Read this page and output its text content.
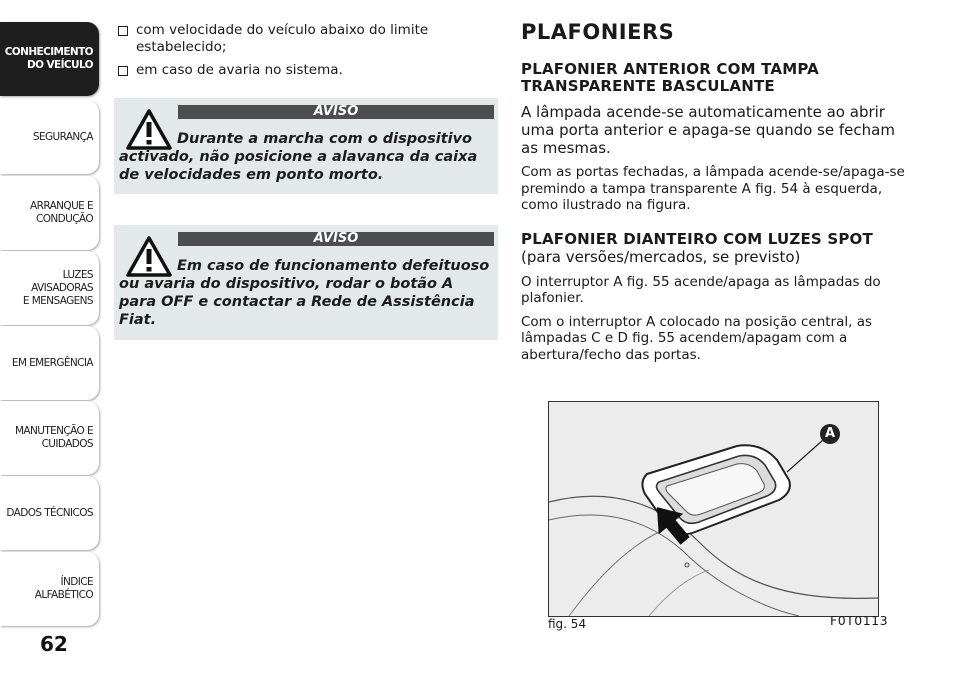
CONHECIMENTO
DO VEÍCULO
SEGURANÇA
ARRANQUE E
CONDUÇÃO
LUZES AVISADORAS
E MENSAGENS
EM EMERGÊNCIA
MANUTENÇÃO E
CUIDADOS
DADOS TÉCNICOS
ÍNDICE ALFABÉTICO
62
com velocidade do veículo abaixo do limite estabelecido;
em caso de avaria no sistema.
AVISO
Durante a marcha com o dispositivo activado, não posicione a alavanca da caixa de velocidades em ponto morto.
AVISO
Em caso de funcionamento defeituoso ou avaria do dispositivo, rodar o botão A para OFF e contactar a Rede de Assistência Fiat.
PLAFONIERS
PLAFONIER ANTERIOR COM TAMPA TRANSPARENTE BASCULANTE

A lâmpada acende-se automaticamente ao abrir uma porta anterior e apaga-se quando se fecham as mesmas.

Com as portas fechadas, a lâmpada acende-se/apaga-se premindo a tampa transparente A fig. 54 à esquerda, como ilustrado na figura.

PLAFONIER DIANTEIRO COM LUZES SPOT

(para versões/mercados, se previsto)

O interruptor A fig. 55 acende/apaga as lâmpadas do plafonier.

Com o interruptor A colocado na posição central, as lâmpadas C e D fig. 55 acendem/apagam com a abertura/fecho das portas.

A
fig. 54	F0T0113
